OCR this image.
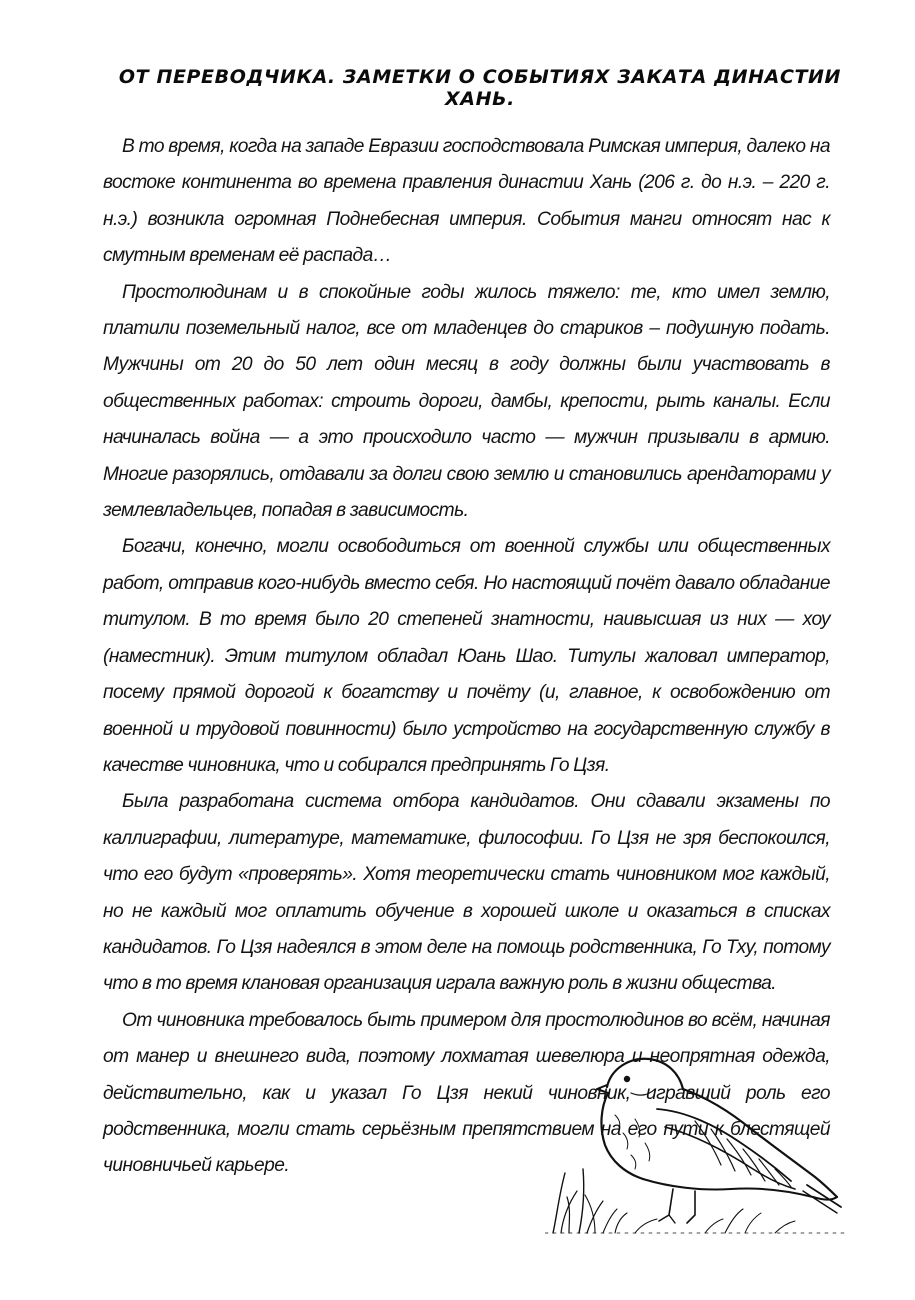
ОТ ПЕРЕВОДЧИКА. ЗАМЕТКИ О СОБЫТИЯХ ЗАКАТА ДИНАСТИИ ХАНЬ.

В то время, когда на западе Евразии господствовала Римская империя, далеко на востоке континента во времена правления династии Хань (206 г. до н.э. – 220 г. н.э.) возникла огромная Поднебесная империя. События манги относят нас к смутным временам её распада…

Простолюдинам и в спокойные годы жилось тяжело: те, кто имел землю, платили поземельный налог, все от младенцев до стариков – подушную подать. Мужчины от 20 до 50 лет один месяц в году должны были участвовать в общественных работах: строить дороги, дамбы, крепости, рыть каналы. Если начиналась война — а это происходило часто — мужчин призывали в армию. Многие разорялись, отдавали за долги свою землю и становились арендаторами у землевладельцев, попадая в зависимость.

Богачи, конечно, могли освободиться от военной службы или общественных работ, отправив кого-нибудь вместо себя. Но настоящий почёт давало обладание титулом. В то время было 20 степеней знатности, наивысшая из них — хоу (наместник). Этим титулом обладал Юань Шао. Титулы жаловал император, посему прямой дорогой к богатству и почёту (и, главное, к освобождению от военной и трудовой повинности) было устройство на государственную службу в качестве чиновника, что и собирался предпринять Го Цзя.

Была разработана система отбора кандидатов. Они сдавали экзамены по каллиграфии, литературе, математике, философии. Го Цзя не зря беспокоился, что его будут «проверять». Хотя теоретически стать чиновником мог каждый, но не каждый мог оплатить обучение в хорошей школе и оказаться в списках кандидатов. Го Цзя надеялся в этом деле на помощь родственника, Го Тху, потому что в то время клановая организация играла важную роль в жизни общества.

От чиновника требовалось быть примером для простолюдинов во всём, начиная от манер и внешнего вида, поэтому лохматая шевелюра и неопрятная одежда, действительно, как и указал Го Цзя некий чиновник, игравший роль его родственника, могли стать серьёзным препятствием на его пути к блестящей чиновничьей карьере.
